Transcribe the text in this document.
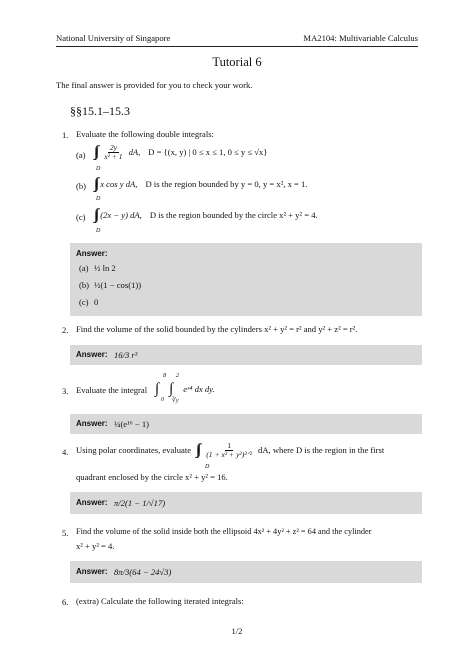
National University of Singapore	MA2104: Multivariable Calculus
Tutorial 6
The final answer is provided for you to check your work.
§§15.1–15.3
1. Evaluate the following double integrals:
(a) ∫∫ $\frac{2y}{\text{x² + 1}}$ dA, D = {(x, y) | 0 ≤ x ≤ 1, 0 ≤ y ≤ √x}
D
(b) ∫∫ x cos y dA, D is the region bounded by y = 0, y = x², x = 1.
D
(c) ∫∫ (2x − y) dA, D is the region bounded by the circle x² + y² = 4.
D
Answer:
(a) ½ ln 2
(b) ½(1 − cos(1))
(c) 0
2. Find the volume of the solid bounded by the cylinders x² + y² = r² and y² + z² = r².
Answer: 16/3 r³
3. Evaluate the integral ∫ ∫ eˣ⁴ dx dy.
8
0
2
∛y
Answer: ¼(e¹⁶ − 1)
4. Using polar coordinates, evaluate ∫∫ $\frac{1}{\text{(1 + x² + y²)³ᐟ²}}$ dA, where D is the region in the first
D
quadrant enclosed by the circle x² + y² = 16.
Answer: π/2(1 − 1/√17)
5. Find the volume of the solid inside both the ellipsoid 4x² + 4y² + z² = 64 and the cylinder
x² + y² = 4.
Answer: 8π/3(64 − 24√3)
6. (extra) Calculate the following iterated integrals:
1/2
